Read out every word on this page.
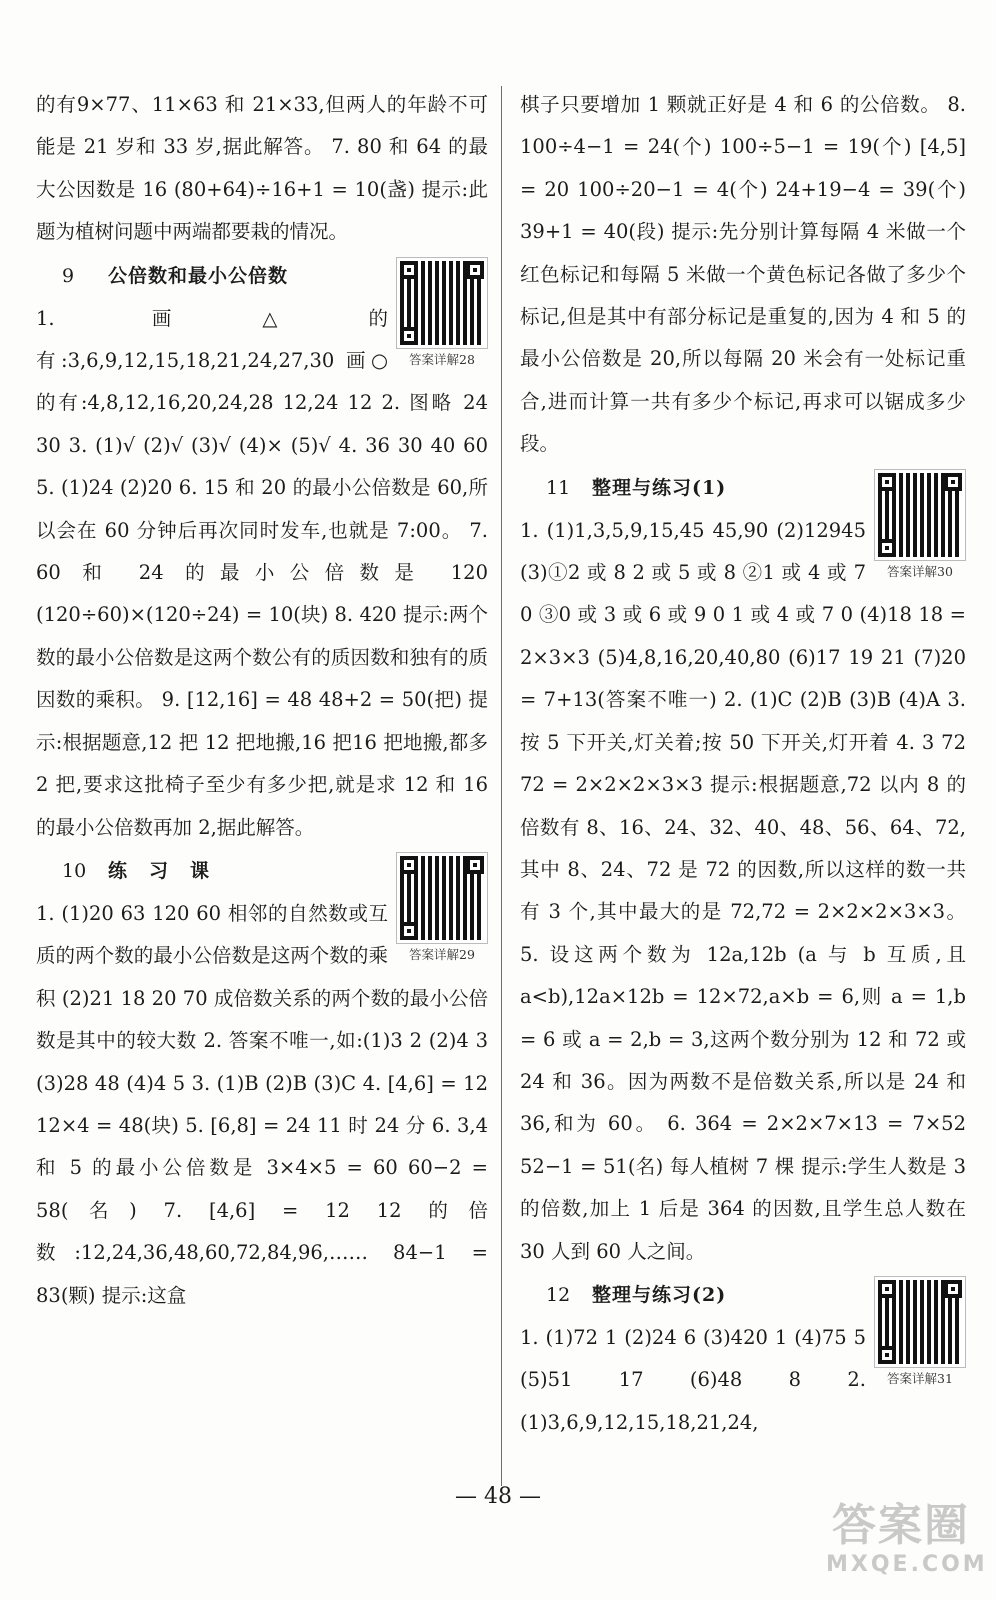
的有9×77、11×63 和 21×33,但两人的年龄不可能是 21 岁和 33 岁,据此解答。 7. 80 和 64 的最大公因数是 16 (80+64)÷16+1 = 10(盏) 提示:此题为植树问题中两端都要栽的情况。

9 公倍数和最小公倍数
答案详解28

1. 画△的有:3,6,9,12,15,18,21,24,27,30 画○的有:4,8,12,16,20,24,28 12,24 12 2. 图略 24 30 3. (1)√ (2)√ (3)√ (4)× (5)√ 4. 36 30 40 60 5. (1)24 (2)20 6. 15 和 20 的最小公倍数是 60,所以会在 60 分钟后再次同时发车,也就是 7:00。 7. 60 和 24 的最小公倍数是 120 (120÷60)×(120÷24) = 10(块) 8. 420 提示:两个数的最小公倍数是这两个数公有的质因数和独有的质因数的乘积。 9. [12,16] = 48 48+2 = 50(把) 提示:根据题意,12 把 12 把地搬,16 把16 把地搬,都多 2 把,要求这批椅子至少有多少把,就是求 12 和 16 的最小公倍数再加 2,据此解答。

10 练习课
答案详解29

1. (1)20 63 120 60 相邻的自然数或互质的两个数的最小公倍数是这两个数的乘积 (2)21 18 20 70 成倍数关系的两个数的最小公倍数是其中的较大数 2. 答案不唯一,如:(1)3 2 (2)4 3 (3)28 48 (4)4 5 3. (1)B (2)B (3)C 4. [4,6] = 12 12×4 = 48(块) 5. [6,8] = 24 11 时 24 分 6. 3,4 和 5 的最小公倍数是 3×4×5 = 60 60−2 = 58(名) 7. [4,6] = 12 12 的倍数:12,24,36,48,60,72,84,96,…… 84−1 = 83(颗) 提示:这盒

棋子只要增加 1 颗就正好是 4 和 6 的公倍数。 8. 100÷4−1 = 24(个) 100÷5−1 = 19(个) [4,5] = 20 100÷20−1 = 4(个) 24+19−4 = 39(个) 39+1 = 40(段) 提示:先分别计算每隔 4 米做一个红色标记和每隔 5 米做一个黄色标记各做了多少个标记,但是其中有部分标记是重复的,因为 4 和 5 的最小公倍数是 20,所以每隔 20 米会有一处标记重合,进而计算一共有多少个标记,再求可以锯成多少段。

11 整理与练习(1)
答案详解30

1. (1)1,3,5,9,15,45 45,90 (2)12945 (3)①2 或 8 2 或 5 或 8 ②1 或 4 或 7 0 ③0 或 3 或 6 或 9 0 1 或 4 或 7 0 (4)18 18 = 2×3×3 (5)4,8,16,20,40,80 (6)17 19 21 (7)20 = 7+13(答案不唯一) 2. (1)C (2)B (3)B (4)A 3. 按 5 下开关,灯关着;按 50 下开关,灯开着 4. 3 72 72 = 2×2×2×3×3 提示:根据题意,72 以内 8 的倍数有 8、16、24、32、40、48、56、64、72,其中 8、24、72 是 72 的因数,所以这样的数一共有 3 个,其中最大的是 72,72 = 2×2×2×3×3。 5. 设这两个数为 12a,12b (a 与 b 互质,且 a<b),12a×12b = 12×72,a×b = 6,则 a = 1,b = 6 或 a = 2,b = 3,这两个数分别为 12 和 72 或 24 和 36。因为两数不是倍数关系,所以是 24 和 36,和为 60。 6. 364 = 2×2×7×13 = 7×52 52−1 = 51(名) 每人植树 7 棵 提示:学生人数是 3 的倍数,加上 1 后是 364 的因数,且学生总人数在 30 人到 60 人之间。

12 整理与练习(2)
答案详解31

1. (1)72 1 (2)24 6 (3)420 1 (4)75 5 (5)51 17 (6)48 8 2. (1)3,6,9,12,15,18,21,24,

— 48 —
答案圈
MXQE.COM
